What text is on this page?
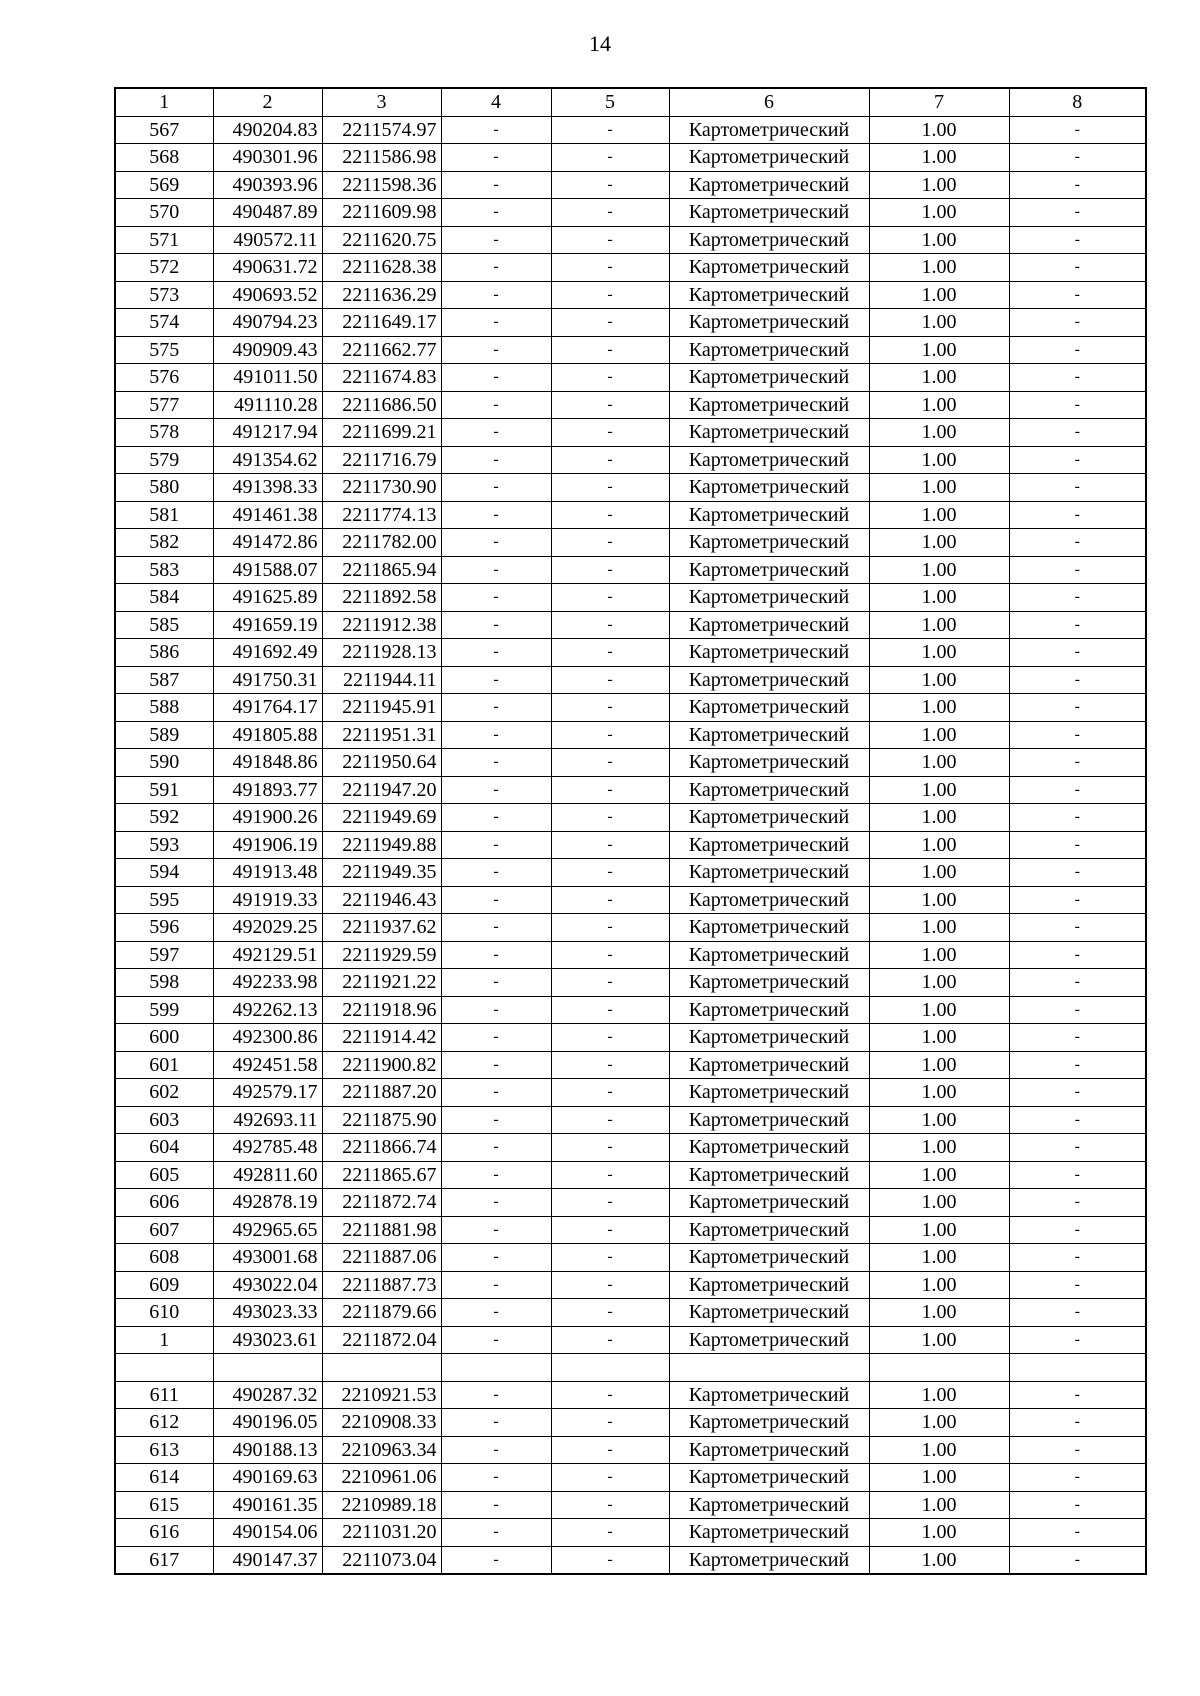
14
1	2	3	4	5	6	7	8
567	490204.83	2211574.97	-	-	Картометрический	1.00	-
568	490301.96	2211586.98	-	-	Картометрический	1.00	-
569	490393.96	2211598.36	-	-	Картометрический	1.00	-
570	490487.89	2211609.98	-	-	Картометрический	1.00	-
571	490572.11	2211620.75	-	-	Картометрический	1.00	-
572	490631.72	2211628.38	-	-	Картометрический	1.00	-
573	490693.52	2211636.29	-	-	Картометрический	1.00	-
574	490794.23	2211649.17	-	-	Картометрический	1.00	-
575	490909.43	2211662.77	-	-	Картометрический	1.00	-
576	491011.50	2211674.83	-	-	Картометрический	1.00	-
577	491110.28	2211686.50	-	-	Картометрический	1.00	-
578	491217.94	2211699.21	-	-	Картометрический	1.00	-
579	491354.62	2211716.79	-	-	Картометрический	1.00	-
580	491398.33	2211730.90	-	-	Картометрический	1.00	-
581	491461.38	2211774.13	-	-	Картометрический	1.00	-
582	491472.86	2211782.00	-	-	Картометрический	1.00	-
583	491588.07	2211865.94	-	-	Картометрический	1.00	-
584	491625.89	2211892.58	-	-	Картометрический	1.00	-
585	491659.19	2211912.38	-	-	Картометрический	1.00	-
586	491692.49	2211928.13	-	-	Картометрический	1.00	-
587	491750.31	2211944.11	-	-	Картометрический	1.00	-
588	491764.17	2211945.91	-	-	Картометрический	1.00	-
589	491805.88	2211951.31	-	-	Картометрический	1.00	-
590	491848.86	2211950.64	-	-	Картометрический	1.00	-
591	491893.77	2211947.20	-	-	Картометрический	1.00	-
592	491900.26	2211949.69	-	-	Картометрический	1.00	-
593	491906.19	2211949.88	-	-	Картометрический	1.00	-
594	491913.48	2211949.35	-	-	Картометрический	1.00	-
595	491919.33	2211946.43	-	-	Картометрический	1.00	-
596	492029.25	2211937.62	-	-	Картометрический	1.00	-
597	492129.51	2211929.59	-	-	Картометрический	1.00	-
598	492233.98	2211921.22	-	-	Картометрический	1.00	-
599	492262.13	2211918.96	-	-	Картометрический	1.00	-
600	492300.86	2211914.42	-	-	Картометрический	1.00	-
601	492451.58	2211900.82	-	-	Картометрический	1.00	-
602	492579.17	2211887.20	-	-	Картометрический	1.00	-
603	492693.11	2211875.90	-	-	Картометрический	1.00	-
604	492785.48	2211866.74	-	-	Картометрический	1.00	-
605	492811.60	2211865.67	-	-	Картометрический	1.00	-
606	492878.19	2211872.74	-	-	Картометрический	1.00	-
607	492965.65	2211881.98	-	-	Картометрический	1.00	-
608	493001.68	2211887.06	-	-	Картометрический	1.00	-
609	493022.04	2211887.73	-	-	Картометрический	1.00	-
610	493023.33	2211879.66	-	-	Картометрический	1.00	-
1	493023.61	2211872.04	-	-	Картометрический	1.00	-

611	490287.32	2210921.53	-	-	Картометрический	1.00	-
612	490196.05	2210908.33	-	-	Картометрический	1.00	-
613	490188.13	2210963.34	-	-	Картометрический	1.00	-
614	490169.63	2210961.06	-	-	Картометрический	1.00	-
615	490161.35	2210989.18	-	-	Картометрический	1.00	-
616	490154.06	2211031.20	-	-	Картометрический	1.00	-
617	490147.37	2211073.04	-	-	Картометрический	1.00	-
